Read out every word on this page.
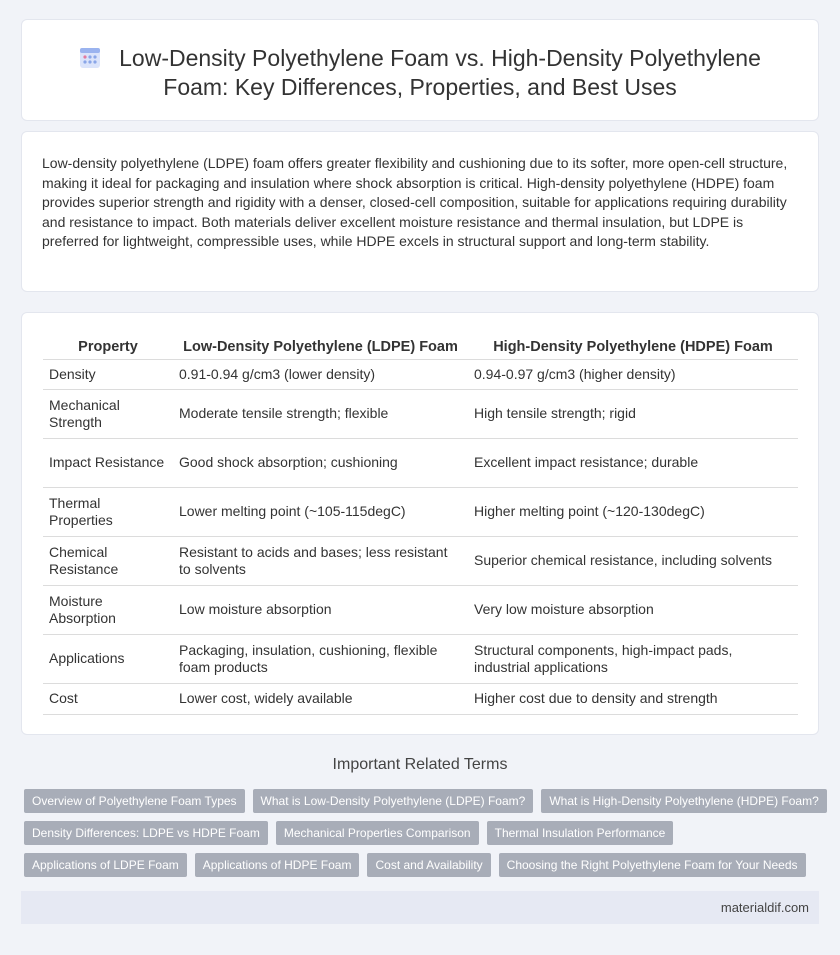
Low-Density Polyethylene Foam vs. High-Density Polyethylene Foam: Key Differences, Properties, and Best Uses
Low-density polyethylene (LDPE) foam offers greater flexibility and cushioning due to its softer, more open-cell structure, making it ideal for packaging and insulation where shock absorption is critical. High-density polyethylene (HDPE) foam provides superior strength and rigidity with a denser, closed-cell composition, suitable for applications requiring durability and resistance to impact. Both materials deliver excellent moisture resistance and thermal insulation, but LDPE is preferred for lightweight, compressible uses, while HDPE excels in structural support and long-term stability.
Property	Low-Density Polyethylene (LDPE) Foam	High-Density Polyethylene (HDPE) Foam
Density	0.91-0.94 g/cm3 (lower density)	0.94-0.97 g/cm3 (higher density)
Mechanical Strength	Moderate tensile strength; flexible	High tensile strength; rigid
Impact Resistance	Good shock absorption; cushioning	Excellent impact resistance; durable
Thermal Properties	Lower melting point (~105-115degC)	Higher melting point (~120-130degC)
Chemical Resistance	Resistant to acids and bases; less resistant to solvents	Superior chemical resistance, including solvents
Moisture Absorption	Low moisture absorption	Very low moisture absorption
Applications	Packaging, insulation, cushioning, flexible foam products	Structural components, high-impact pads, industrial applications
Cost	Lower cost, widely available	Higher cost due to density and strength
Important Related Terms
Overview of Polyethylene Foam Types	What is Low-Density Polyethylene (LDPE) Foam?	What is High-Density Polyethylene (HDPE) Foam?
Density Differences: LDPE vs HDPE Foam	Mechanical Properties Comparison	Thermal Insulation Performance
Applications of LDPE Foam	Applications of HDPE Foam	Cost and Availability	Choosing the Right Polyethylene Foam for Your Needs
materialdif.com
